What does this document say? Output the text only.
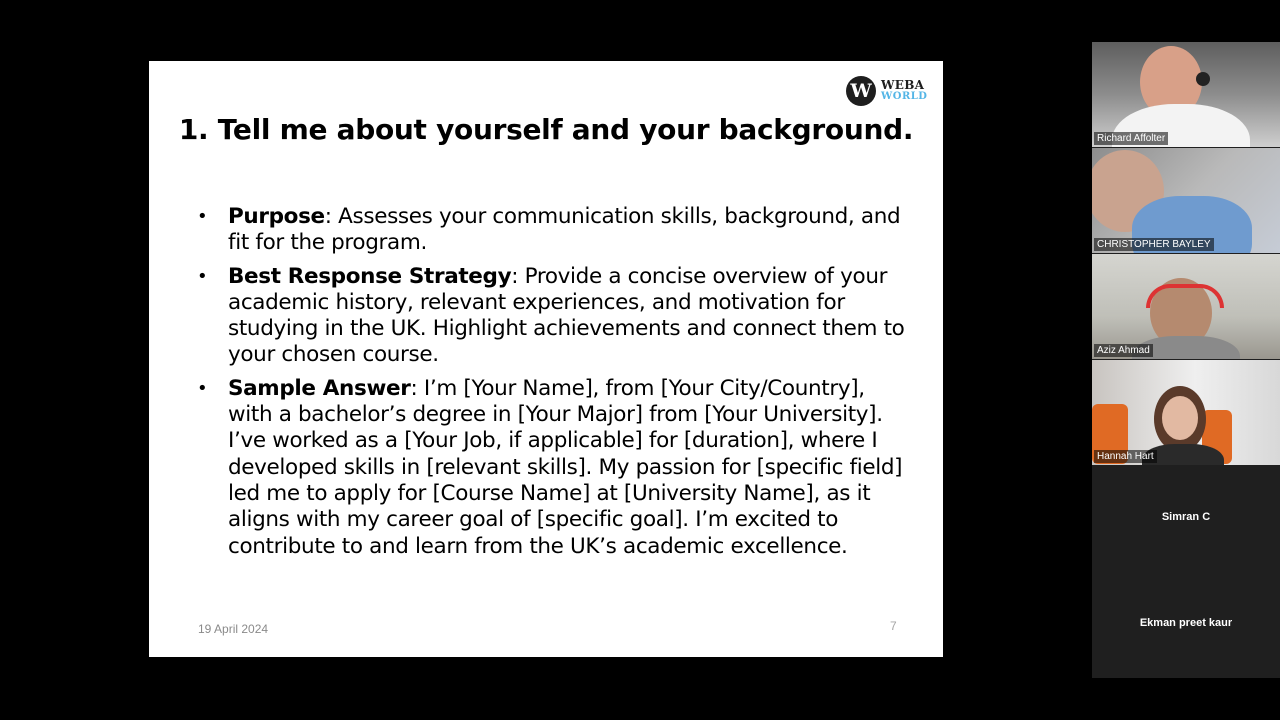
W WEBA
WORLD
1. Tell me about yourself and your background.
• Purpose: Assesses your communication skills, background, and fit for the program.
• Best Response Strategy: Provide a concise overview of your academic history, relevant experiences, and motivation for studying in the UK. Highlight achievements and connect them to your chosen course.
• Sample Answer: I’m [Your Name], from [Your City/Country], with a bachelor’s degree in [Your Major] from [Your University]. I’ve worked as a [Your Job, if applicable] for [duration], where I developed skills in [relevant skills]. My passion for [specific field] led me to apply for [Course Name] at [University Name], as it aligns with my career goal of [specific goal]. I’m excited to contribute to and learn from the UK’s academic excellence.
19 April 2024	7
Richard Affolter
CHRISTOPHER BAYLEY
Aziz Ahmad
Hannah Hart
Simran C
Ekman preet kaur
